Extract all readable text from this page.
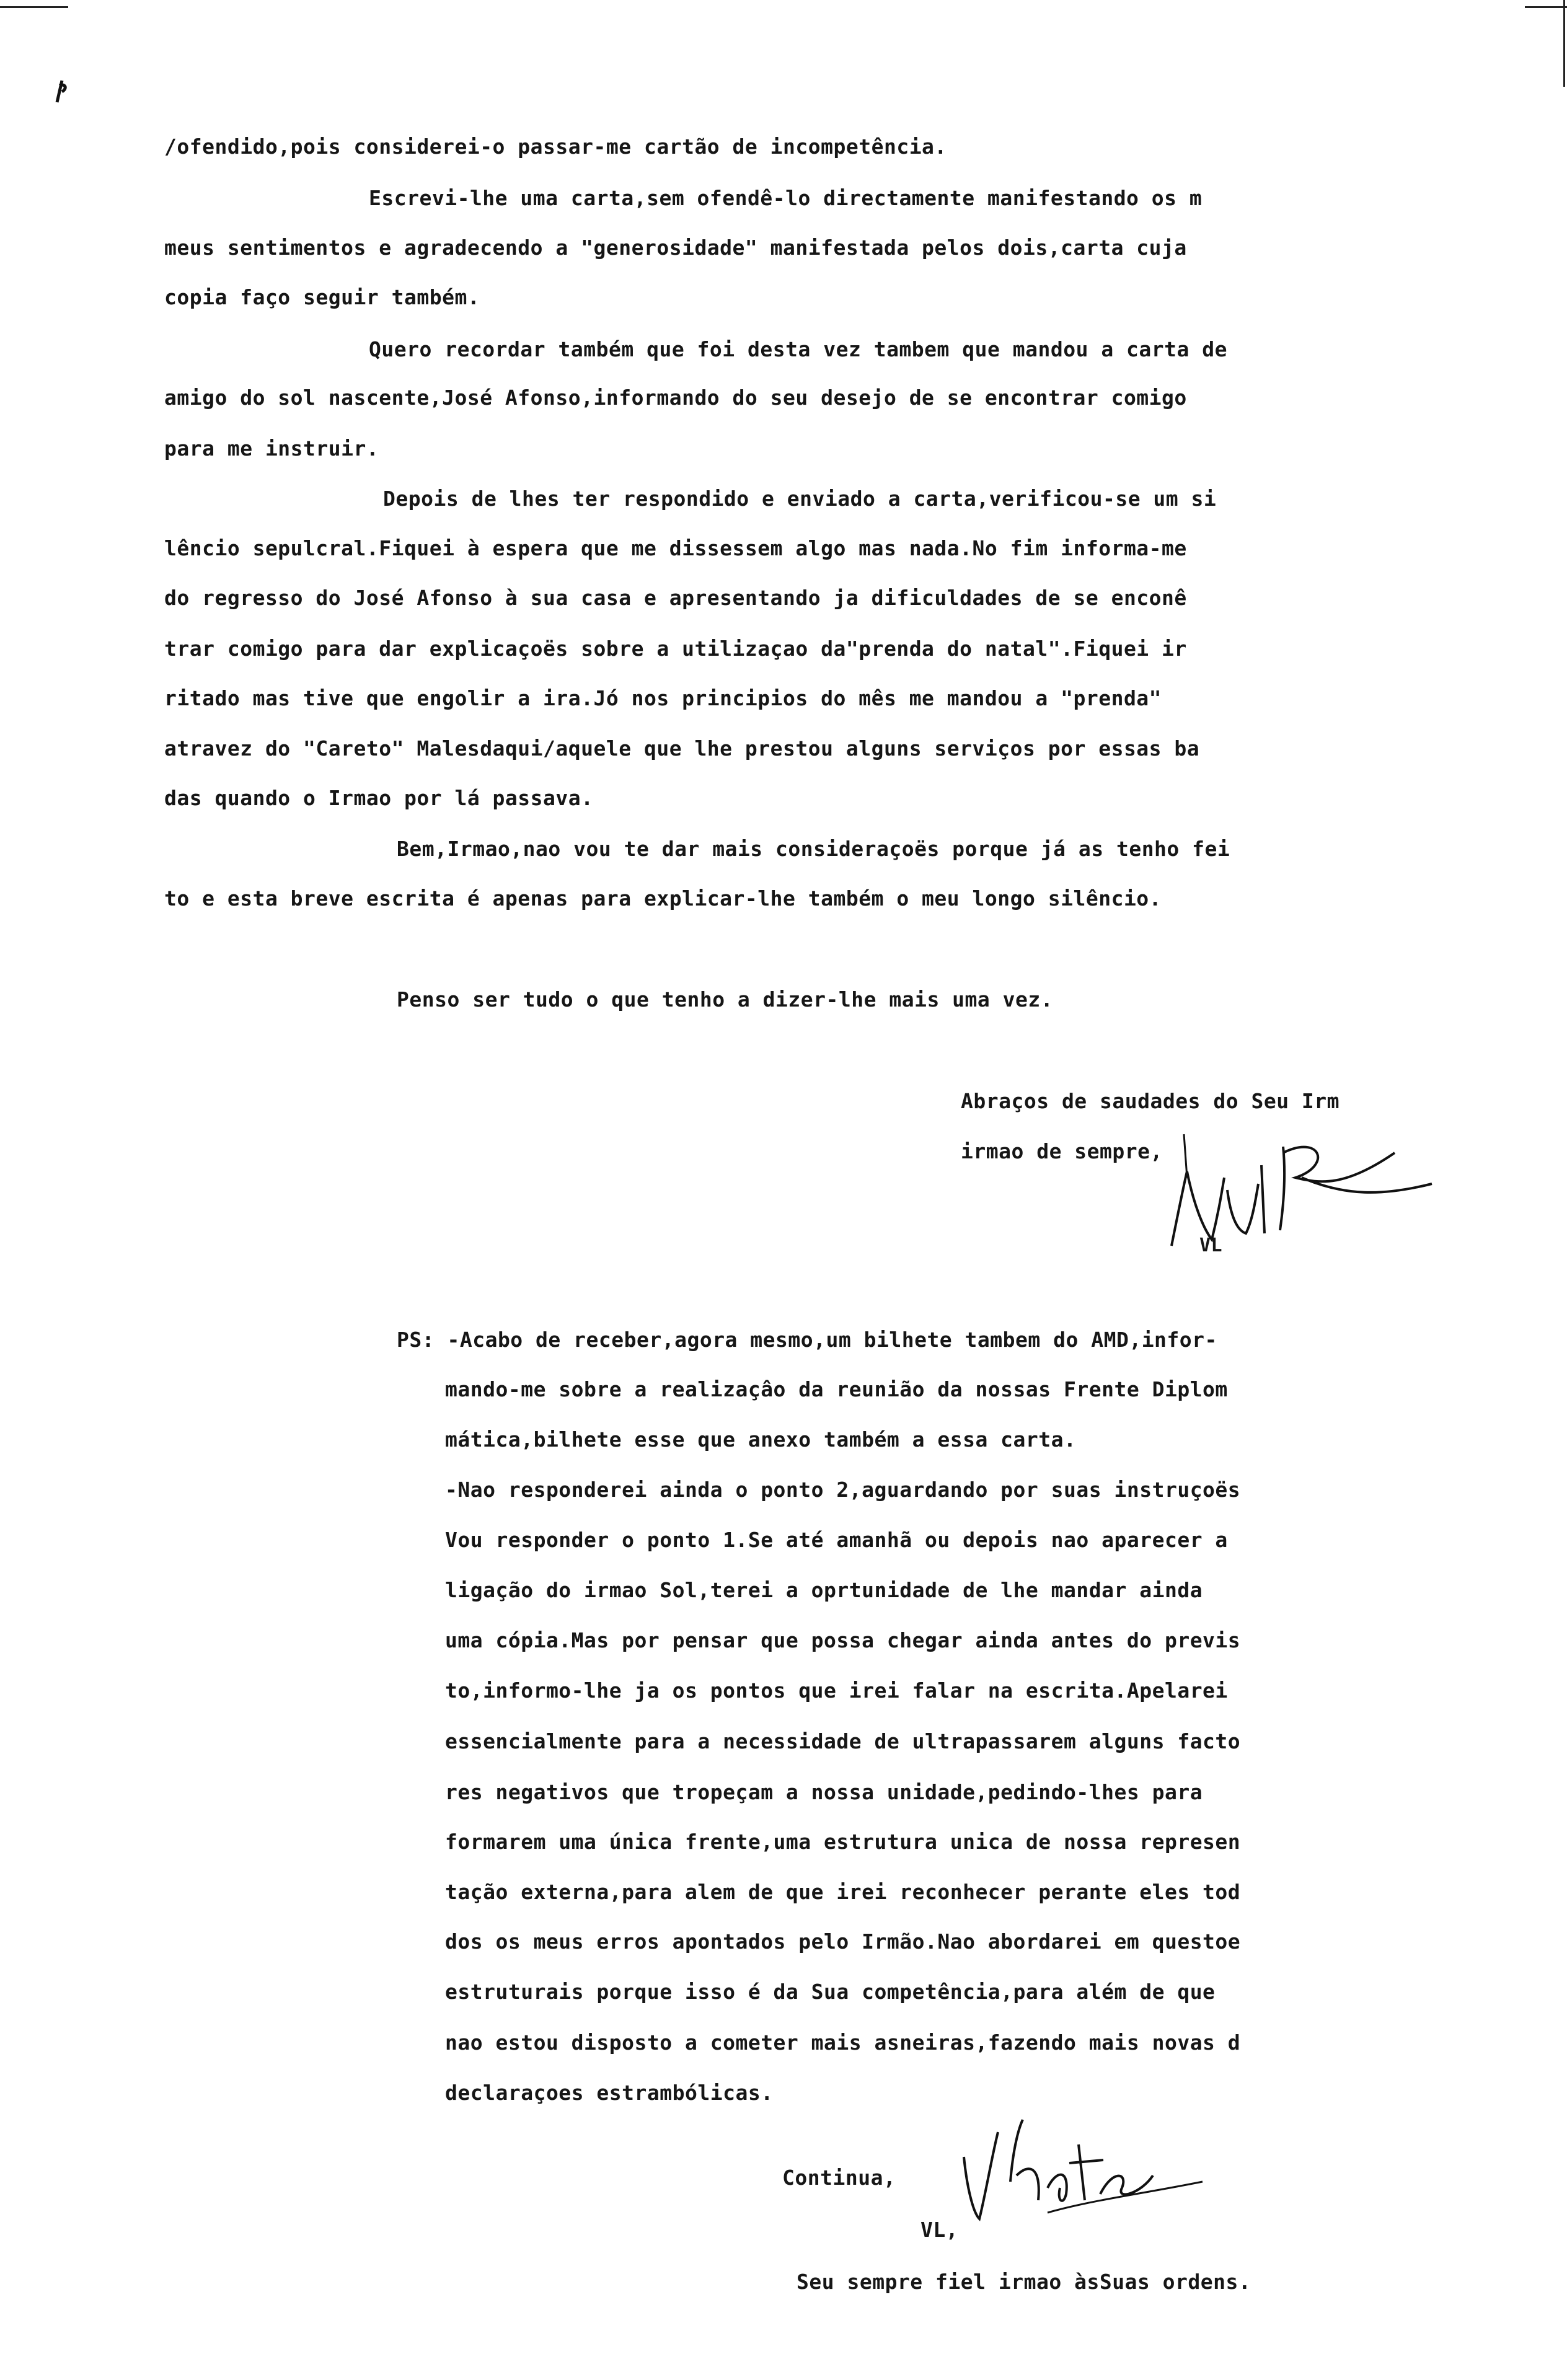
/ofendido,pois considerei-o passar-me cartão de incompetência.
Escrevi-lhe uma carta,sem ofendê-lo directamente manifestando os m
meus sentimentos e agradecendo a "generosidade" manifestada pelos dois,carta cuja
copia faço seguir também.
Quero recordar também que foi desta vez tambem que mandou a carta de
amigo do sol nascente,José Afonso,informando do seu desejo de se encontrar comigo
para me instruir.
Depois de lhes ter respondido e enviado a carta,verificou-se um si
lêncio sepulcral.Fiquei à espera que me dissessem algo mas nada.No fim informa-me
do regresso do José Afonso à sua casa e apresentando ja dificuldades de se enconê
trar comigo para dar explicaçoës sobre a utilizaçao da"prenda do natal".Fiquei ir
ritado mas tive que engolir a ira.Jó nos principios do mês me mandou a "prenda"
atravez do "Careto" Malesdaqui/aquele que lhe prestou alguns serviços por essas ba
das quando o Irmao por lá passava.
Bem,Irmao,nao vou te dar mais consideraçoës porque já as tenho fei
to e esta breve escrita é apenas para explicar-lhe também o meu longo silêncio.
Penso ser tudo o que tenho a dizer-lhe mais uma vez.
Abraços de saudades do Seu Irm
irmao de sempre,
VL
PS: -Acabo de receber,agora mesmo,um bilhete tambem do AMD,infor-
mando-me sobre a realizaçâo da reunião da nossas Frente Diplom
mática,bilhete esse que anexo também a essa carta.
-Nao responderei ainda o ponto 2,aguardando por suas instruçoës
Vou responder o ponto 1.Se até amanhã ou depois nao aparecer a
ligação do irmao Sol,terei a oprtunidade de lhe mandar ainda
uma cópia.Mas por pensar que possa chegar ainda antes do previs
to,informo-lhe ja os pontos que irei falar na escrita.Apelarei
essencialmente para a necessidade de ultrapassarem alguns facto
res negativos que tropeçam a nossa unidade,pedindo-lhes para
formarem uma única frente,uma estrutura unica de nossa represen
tação externa,para alem de que irei reconhecer perante eles tod
dos os meus erros apontados pelo Irmão.Nao abordarei em questoe
estruturais porque isso é da Sua competência,para além de que
nao estou disposto a cometer mais asneiras,fazendo mais novas d
declaraçoes estrambólicas.
Continua,
VL,
Seu sempre fiel irmao àsSuas ordens.
